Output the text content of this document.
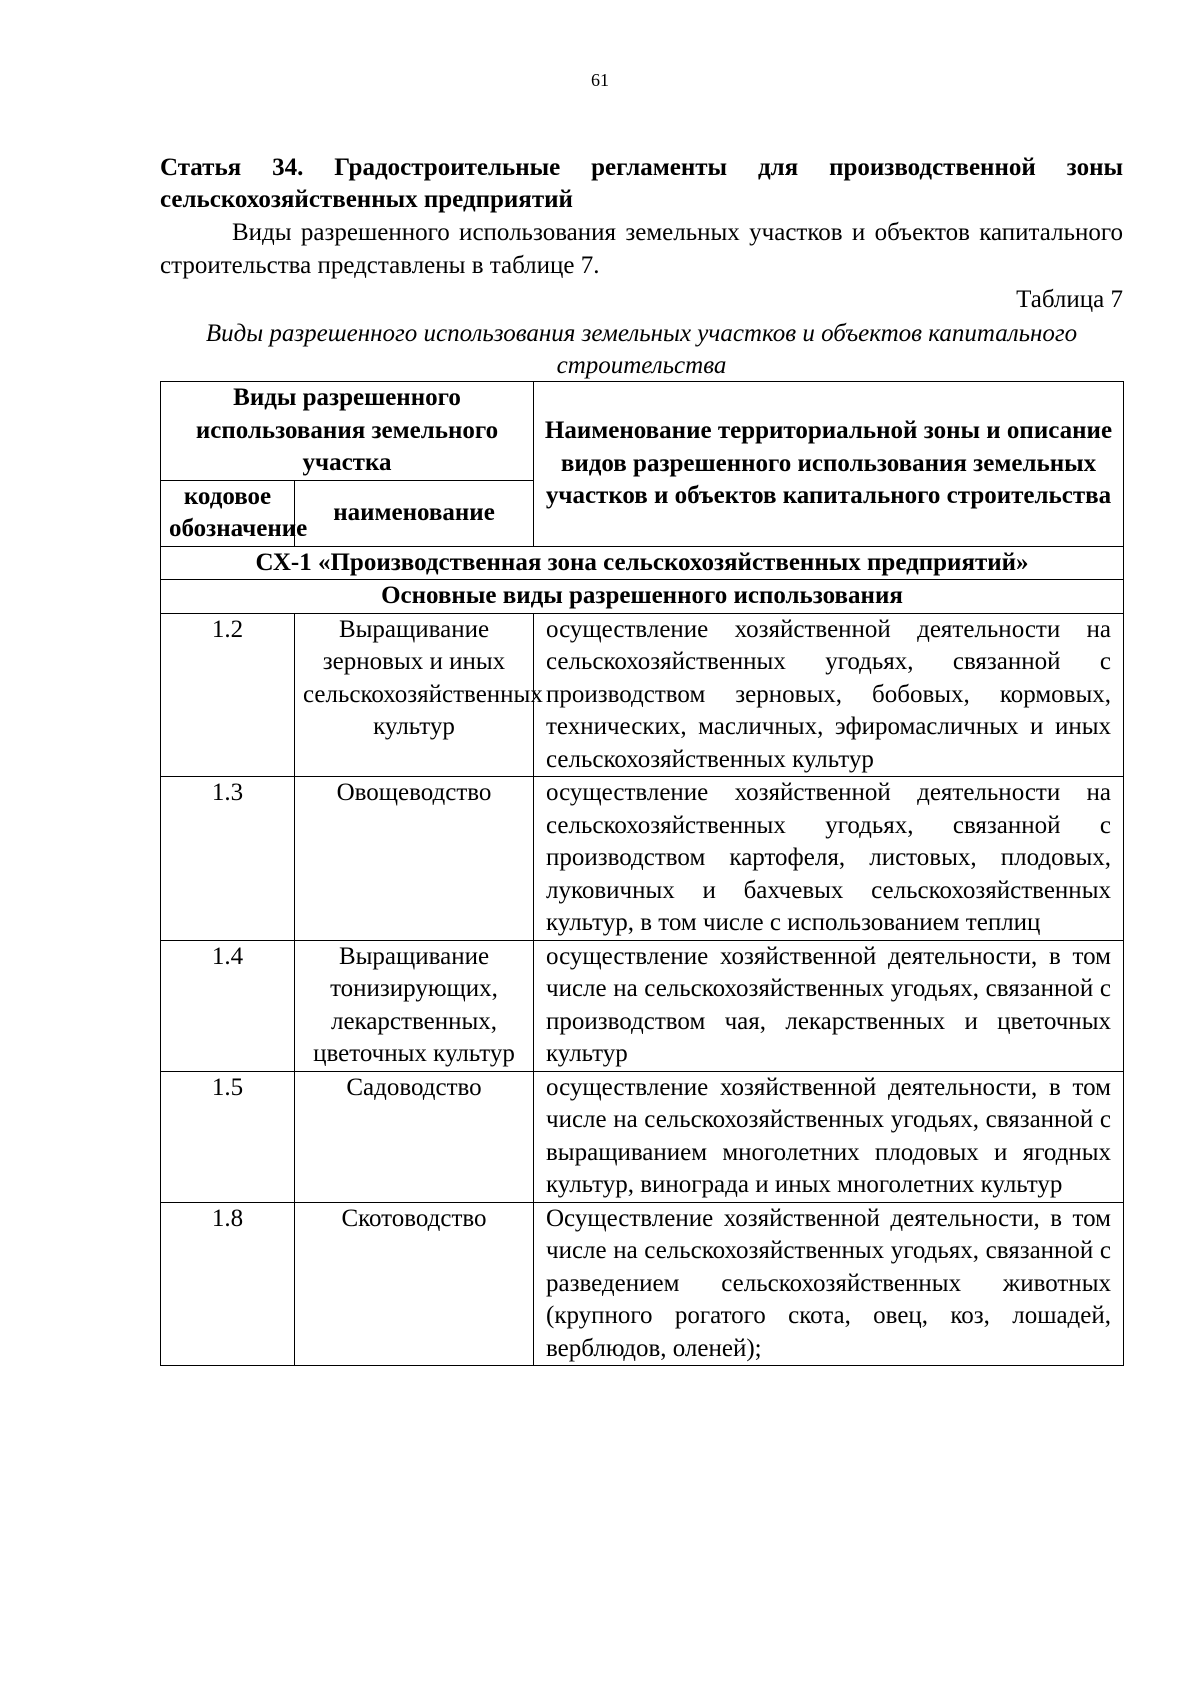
61
Статья 34. Градостроительные регламенты для производственной зоны сельскохозяйственных предприятий
Виды разрешенного использования земельных участков и объектов капитального строительства представлены в таблице 7.
Таблица 7
Виды разрешенного использования земельных участков и объектов капитального строительства
Виды разрешенного использования земельного участка		Наименование территориальной зоны и описание видов разрешенного использования земельных участков и объектов капитального строительства
кодовое обозначение	наименование	
СХ-1 «Производственная зона сельскохозяйственных предприятий»		
Основные виды разрешенного использования		
1.2	Выращивание зерновых и иных сельскохозяйственных культур	осуществление хозяйственной деятельности на сельскохозяйственных угодьях, связанной с производством зерновых, бобовых, кормовых, технических, масличных, эфиромасличных и иных сельскохозяйственных культур
1.3	Овощеводство	осуществление хозяйственной деятельности на сельскохозяйственных угодьях, связанной с производством картофеля, листовых, плодовых, луковичных и бахчевых сельскохозяйственных культур, в том числе с использованием теплиц
1.4	Выращивание тонизирующих, лекарственных, цветочных культур	осуществление хозяйственной деятельности, в том числе на сельскохозяйственных угодьях, связанной с производством чая, лекарственных и цветочных культур
1.5	Садоводство	осуществление хозяйственной деятельности, в том числе на сельскохозяйственных угодьях, связанной с выращиванием многолетних плодовых и ягодных культур, винограда и иных многолетних культур
1.8	Скотоводство	Осуществление хозяйственной деятельности, в том числе на сельскохозяйственных угодьях, связанной с разведением сельскохозяйственных животных (крупного рогатого скота, овец, коз, лошадей, верблюдов, оленей);
